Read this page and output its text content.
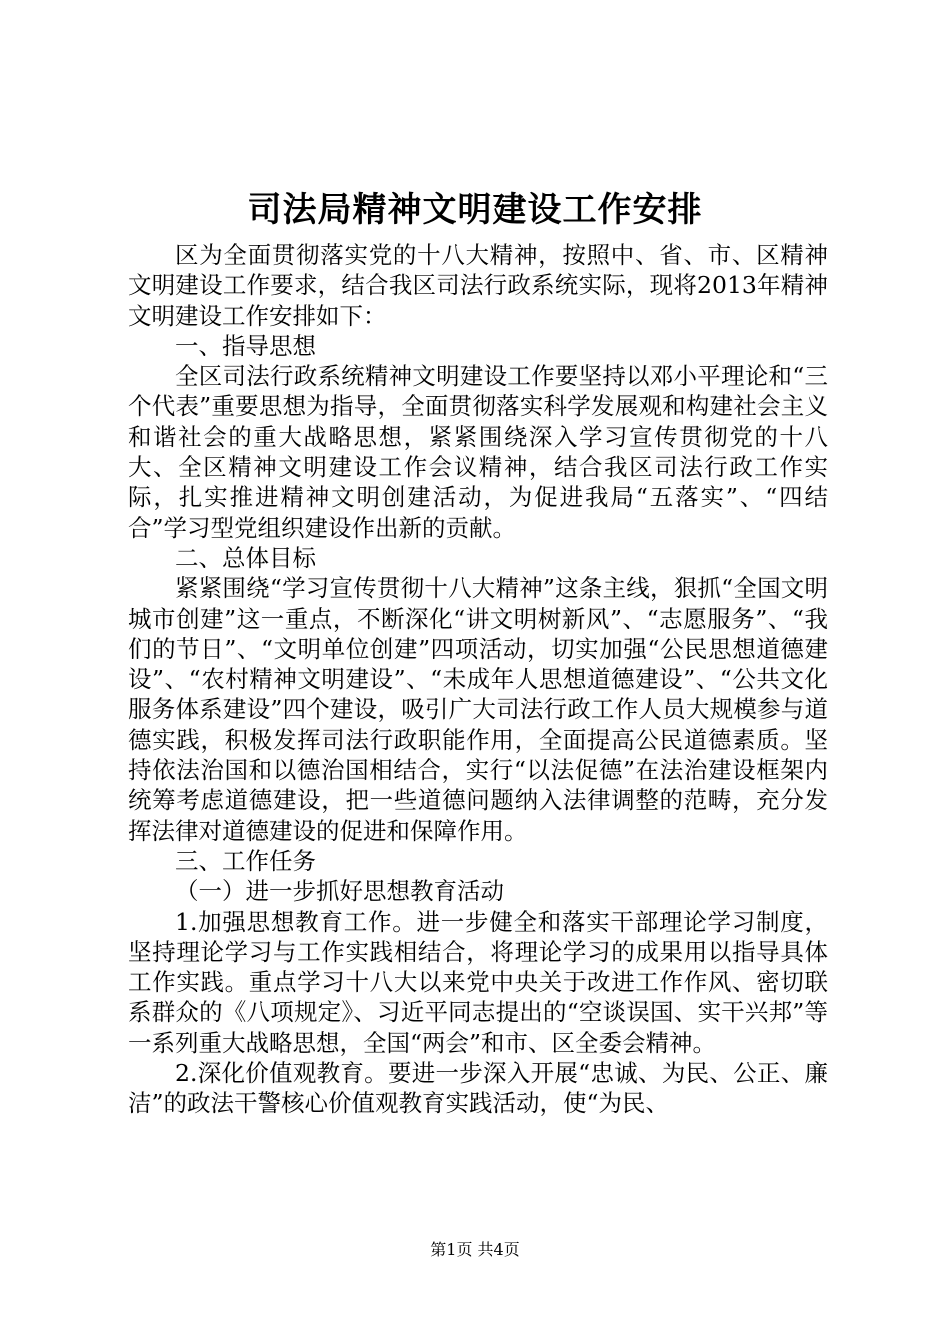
司法局精神文明建设工作安排

区为全面贯彻落实党的十八大精神，按照中、省、市、区精神文明建设工作要求，结合我区司法行政系统实际，现将2013年精神文明建设工作安排如下：

一、指导思想

全区司法行政系统精神文明建设工作要坚持以邓小平理论和“三个代表”重要思想为指导，全面贯彻落实科学发展观和构建社会主义和谐社会的重大战略思想，紧紧围绕深入学习宣传贯彻党的十八大、全区精神文明建设工作会议精神，结合我区司法行政工作实际，扎实推进精神文明创建活动，为促进我局“五落实”、“四结合”学习型党组织建设作出新的贡献。

二、总体目标

紧紧围绕“学习宣传贯彻十八大精神”这条主线，狠抓“全国文明城市创建”这一重点，不断深化“讲文明树新风”、“志愿服务”、“我们的节日”、“文明单位创建”四项活动，切实加强“公民思想道德建设”、“农村精神文明建设”、“未成年人思想道德建设”、“公共文化服务体系建设”四个建设，吸引广大司法行政工作人员大规模参与道德实践，积极发挥司法行政职能作用，全面提高公民道德素质。坚持依法治国和以德治国相结合，实行“以法促德”在法治建设框架内统筹考虑道德建设，把一些道德问题纳入法律调整的范畴，充分发挥法律对道德建设的促进和保障作用。

三、工作任务

（一）进一步抓好思想教育活动

1.加强思想教育工作。进一步健全和落实干部理论学习制度，坚持理论学习与工作实践相结合，将理论学习的成果用以指导具体工作实践。重点学习十八大以来党中央关于改进工作作风、密切联系群众的《八项规定》、习近平同志提出的“空谈误国、实干兴邦”等一系列重大战略思想，全国“两会”和市、区全委会精神。

2.深化价值观教育。要进一步深入开展“忠诚、为民、公正、廉洁”的政法干警核心价值观教育实践活动，使“为民、

第1页 共4页
